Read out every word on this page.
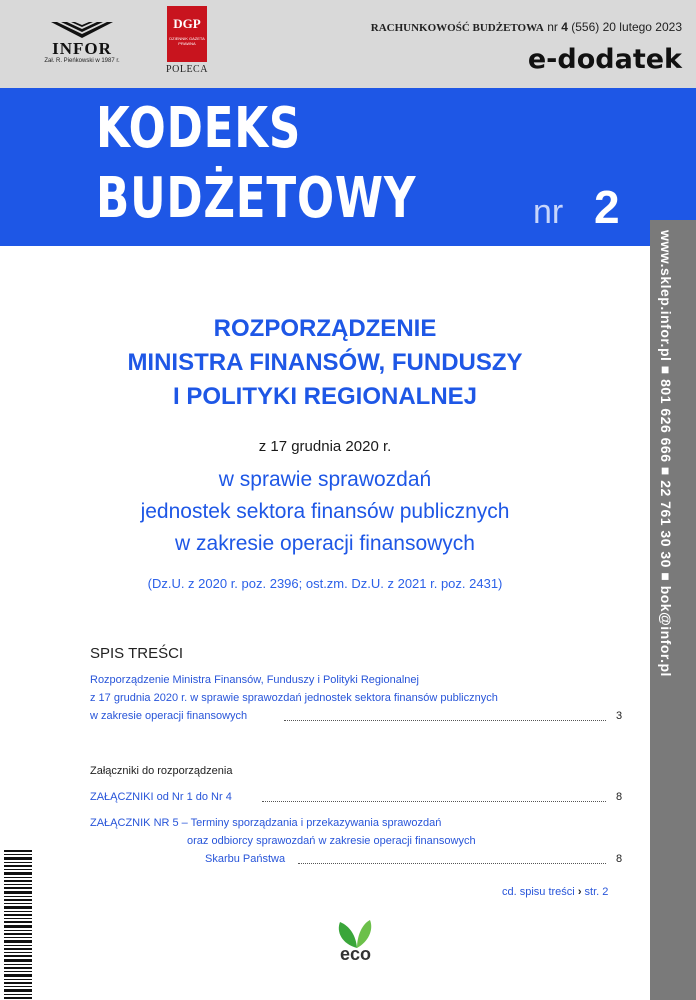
INFOR
Zał. R. Pieńkowski w 1987 r.
DGP
DZIENNIK GAZETA PRAWNA
POLECA
RACHUNKOWOŚĆ BUDŻETOWA nr 4 (556) 20 lutego 2023
e-dodatek
KODEKS
BUDŻETOWY	nr 2
www.sklep.infor.pl ■ 801 626 666 ■ 22 761 30 30 ■ bok@infor.pl
ROZPORZĄDZENIE
MINISTRA FINANSÓW, FUNDUSZY
I POLITYKI REGIONALNEJ
z 17 grudnia 2020 r.
w sprawie sprawozdań
jednostek sektora finansów publicznych
w zakresie operacji finansowych
(Dz.U. z 2020 r. poz. 2396; ost.zm. Dz.U. z 2021 r. poz. 2431)
SPIS TREŚCI
Rozporządzenie Ministra Finansów, Funduszy i Polityki Regionalnej
z 17 grudnia 2020 r. w sprawie sprawozdań jednostek sektora finansów publicznych
w zakresie operacji finansowych	3
Załączniki do rozporządzenia
ZAŁĄCZNIKI od Nr 1 do Nr 4	8
ZAŁĄCZNIK NR 5 – Terminy sporządzania i przekazywania sprawozdań
oraz odbiorcy sprawozdań w zakresie operacji finansowych
Skarbu Państwa	8
cd. spisu treści › str. 2
eco
